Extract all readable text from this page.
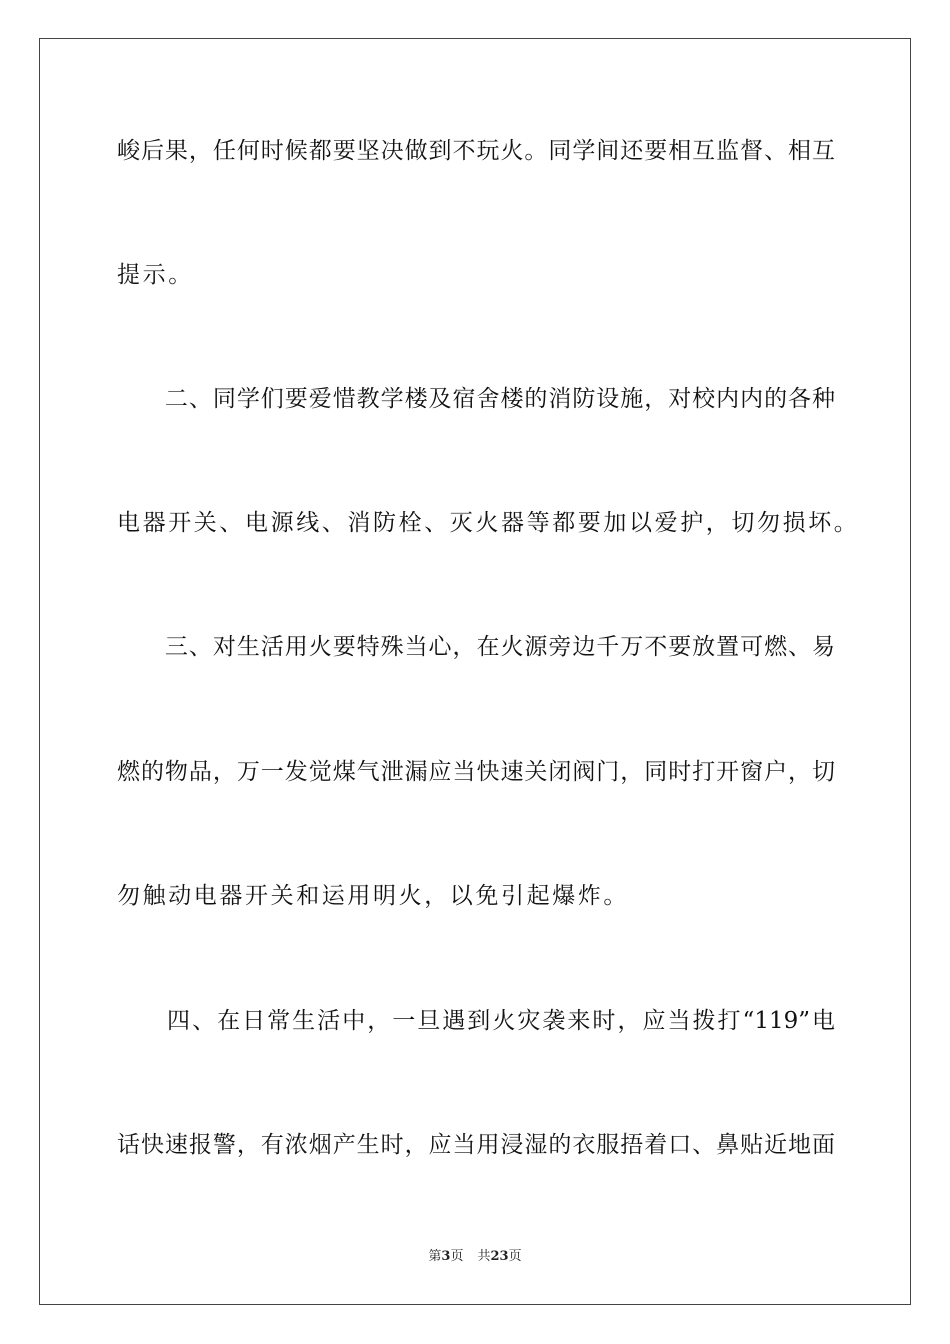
峻后果，任何时候都要坚决做到不玩火。同学间还要相互监督、相互
提示。
　　二、同学们要爱惜教学楼及宿舍楼的消防设施，对校内内的各种
电器开关、电源线、消防栓、灭火器等都要加以爱护，切勿损坏。
　　三、对生活用火要特殊当心，在火源旁边千万不要放置可燃、易
燃的物品，万一发觉煤气泄漏应当快速关闭阀门，同时打开窗户，切
勿触动电器开关和运用明火，以免引起爆炸。
　　四、在日常生活中，一旦遇到火灾袭来时，应当拨打“119”电
话快速报警，有浓烟产生时，应当用浸湿的衣服捂着口、鼻贴近地面
第3页 共23页
